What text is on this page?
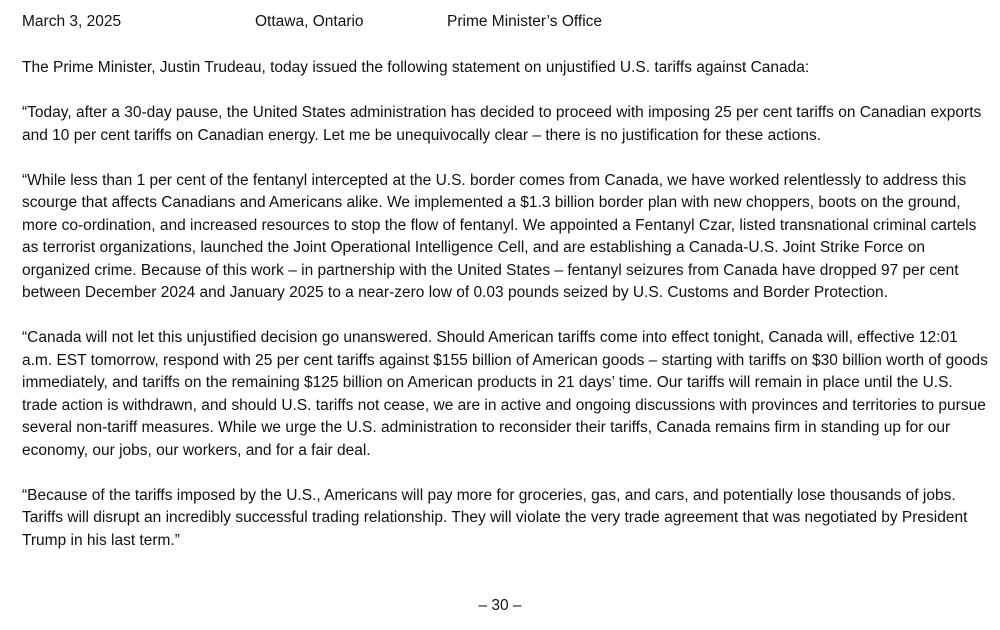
March 3, 2025	Ottawa, Ontario	Prime Minister’s Office

The Prime Minister, Justin Trudeau, today issued the following statement on unjustified U.S. tariffs against Canada:

“Today, after a 30-day pause, the United States administration has decided to proceed with imposing 25 per cent tariffs on Canadian exports and 10 per cent tariffs on Canadian energy. Let me be unequivocally clear – there is no justification for these actions.

“While less than 1 per cent of the fentanyl intercepted at the U.S. border comes from Canada, we have worked relentlessly to address this scourge that affects Canadians and Americans alike. We implemented a $1.3 billion border plan with new choppers, boots on the ground, more co-ordination, and increased resources to stop the flow of fentanyl. We appointed a Fentanyl Czar, listed transnational criminal cartels as terrorist organizations, launched the Joint Operational Intelligence Cell, and are establishing a Canada-U.S. Joint Strike Force on organized crime. Because of this work – in partnership with the United States – fentanyl seizures from Canada have dropped 97 per cent between December 2024 and January 2025 to a near-zero low of 0.03 pounds seized by U.S. Customs and Border Protection.

“Canada will not let this unjustified decision go unanswered. Should American tariffs come into effect tonight, Canada will, effective 12:01 a.m. EST tomorrow, respond with 25 per cent tariffs against $155 billion of American goods – starting with tariffs on $30 billion worth of goods immediately, and tariffs on the remaining $125 billion on American products in 21 days’ time. Our tariffs will remain in place until the U.S. trade action is withdrawn, and should U.S. tariffs not cease, we are in active and ongoing discussions with provinces and territories to pursue several non-tariff measures. While we urge the U.S. administration to reconsider their tariffs, Canada remains firm in standing up for our economy, our jobs, our workers, and for a fair deal.

“Because of the tariffs imposed by the U.S., Americans will pay more for groceries, gas, and cars, and potentially lose thousands of jobs. Tariffs will disrupt an incredibly successful trading relationship. They will violate the very trade agreement that was negotiated by President Trump in his last term.”

– 30 –
